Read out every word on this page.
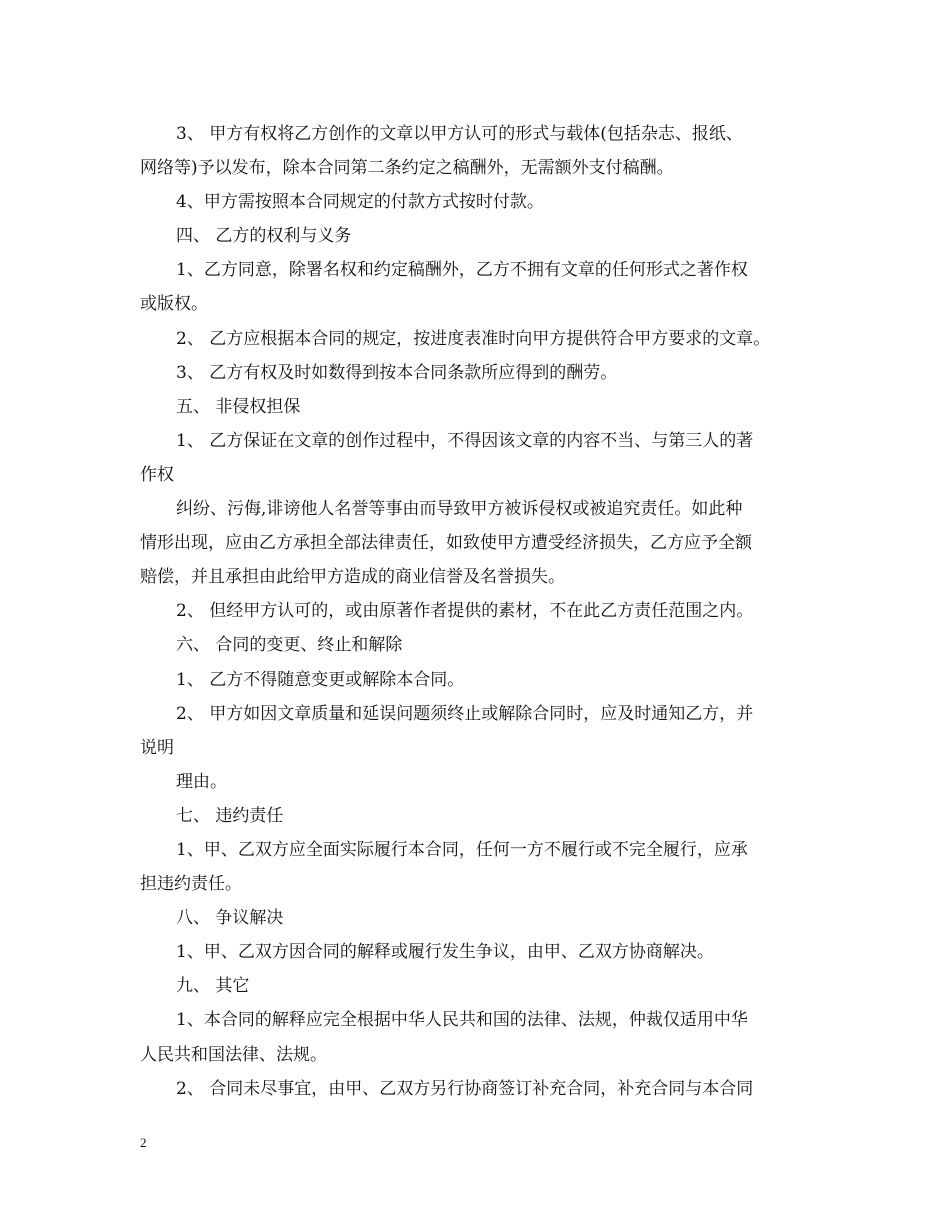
3、 甲方有权将乙方创作的文章以甲方认可的形式与载体(包括杂志、报纸、
网络等)予以发布，除本合同第二条约定之稿酬外，无需额外支付稿酬。
4、甲方需按照本合同规定的付款方式按时付款。
四、 乙方的权利与义务
1、乙方同意，除署名权和约定稿酬外，乙方不拥有文章的任何形式之著作权
或版权。
2、 乙方应根据本合同的规定，按进度表准时向甲方提供符合甲方要求的文章。
3、 乙方有权及时如数得到按本合同条款所应得到的酬劳。
五、 非侵权担保
1、 乙方保证在文章的创作过程中，不得因该文章的内容不当、与第三人的著
作权
纠纷、污侮,诽谤他人名誉等事由而导致甲方被诉侵权或被追究责任。如此种
情形出现，应由乙方承担全部法律责任，如致使甲方遭受经济损失，乙方应予全额
赔偿，并且承担由此给甲方造成的商业信誉及名誉损失。
2、 但经甲方认可的，或由原著作者提供的素材，不在此乙方责任范围之内。
六、 合同的变更、终止和解除
1、 乙方不得随意变更或解除本合同。
2、 甲方如因文章质量和延误问题须终止或解除合同时，应及时通知乙方，并
说明
理由。
七、 违约责任
1、甲、乙双方应全面实际履行本合同，任何一方不履行或不完全履行，应承
担违约责任。
八、 争议解决
1、甲、乙双方因合同的解释或履行发生争议，由甲、乙双方协商解决。
九、 其它
1、本合同的解释应完全根据中华人民共和国的法律、法规，仲裁仅适用中华
人民共和国法律、法规。
2、 合同未尽事宜，由甲、乙双方另行协商签订补充合同，补充合同与本合同
2
